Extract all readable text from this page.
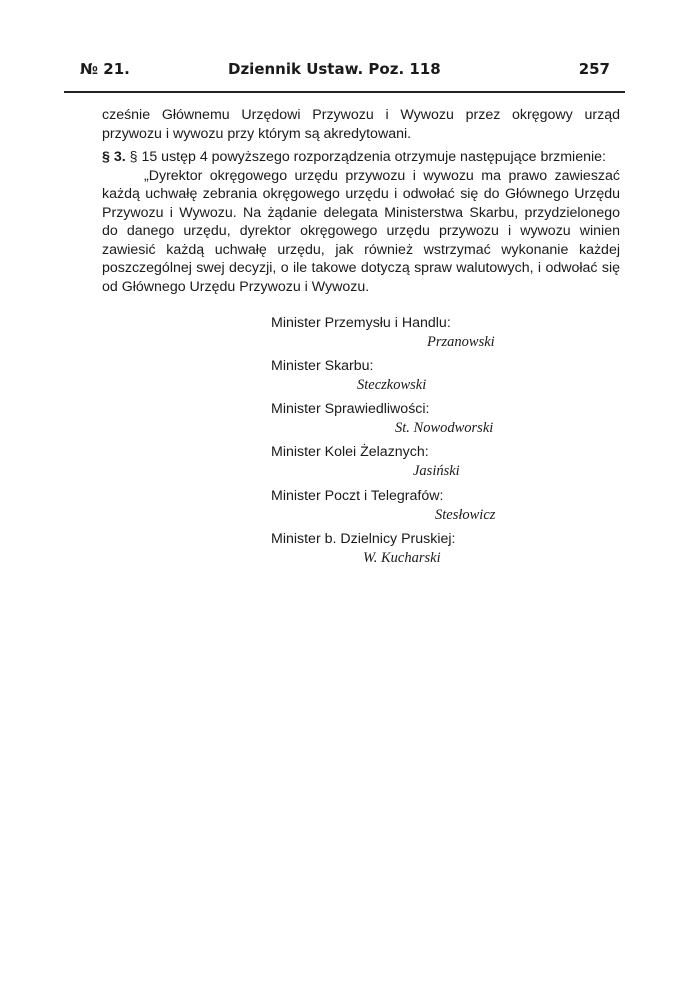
№ 21.	Dziennik Ustaw. Poz. 118	257

cześnie Głównemu Urzędowi Przywozu i Wywozu przez okręgowy urząd przywozu i wywozu przy którym są akredytowani.

§ 3. § 15 ustęp 4 powyższego rozporządzenia otrzymuje następujące brzmienie:

„Dyrektor okręgowego urzędu przywozu i wywozu ma prawo zawieszać każdą uchwałę zebrania okręgowego urzędu i odwołać się do Głównego Urzędu Przywozu i Wywozu. Na żądanie delegata Ministerstwa Skarbu, przydzielonego do danego urzędu, dyrektor okręgowego urzędu przywozu i wywozu winien zawiesić każdą uchwałę urzędu, jak również wstrzymać wykonanie każdej poszczególnej swej decyzji, o ile takowe dotyczą spraw walutowych, i odwołać się od Głównego Urzędu Przywozu i Wywozu.

Minister Przemysłu i Handlu:
Przanowski
Minister Skarbu:
Steczkowski
Minister Sprawiedliwości:
St. Nowodworski
Minister Kolei Żelaznych:
Jasiński
Minister Poczt i Telegrafów:
Stesłowicz
Minister b. Dzielnicy Pruskiej:
W. Kucharski
